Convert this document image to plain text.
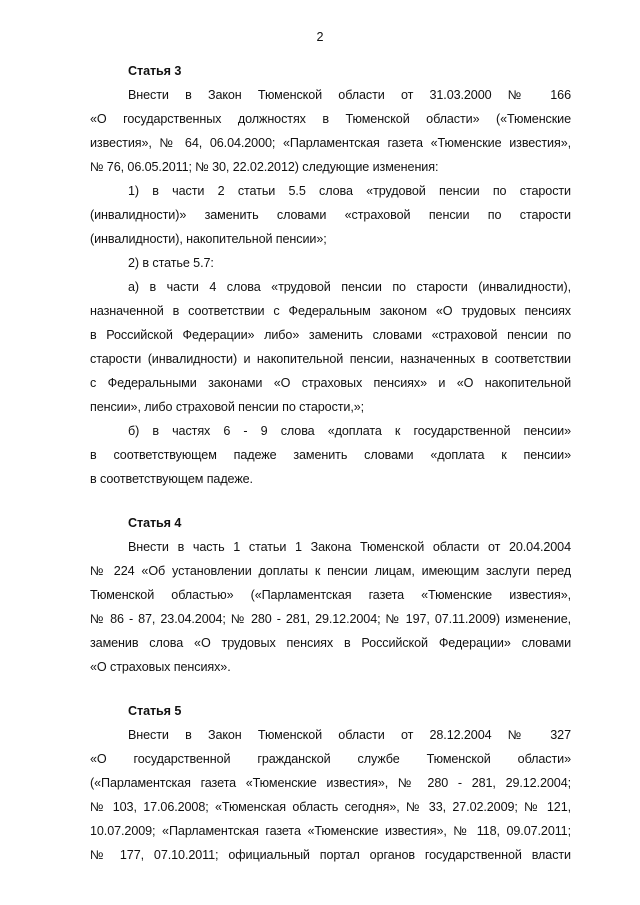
2
Статья 3
Внести в Закон Тюменской области от 31.03.2000 № 166
«О государственных должностях в Тюменской области» («Тюменские
известия», № 64, 06.04.2000; «Парламентская газета «Тюменские известия»,
№ 76, 06.05.2011; № 30, 22.02.2012) следующие изменения:
1) в части 2 статьи 5.5 слова «трудовой пенсии по старости
(инвалидности)» заменить словами «страховой пенсии по старости
(инвалидности), накопительной пенсии»;
2) в статье 5.7:
а) в части 4 слова «трудовой пенсии по старости (инвалидности),
назначенной в соответствии с Федеральным законом «О трудовых пенсиях
в Российской Федерации» либо» заменить словами «страховой пенсии по
старости (инвалидности) и накопительной пенсии, назначенных в соответствии
с Федеральными законами «О страховых пенсиях» и «О накопительной
пенсии», либо страховой пенсии по старости,»;
б) в частях 6 - 9 слова «доплата к государственной пенсии»
в соответствующем падеже заменить словами «доплата к пенсии»
в соответствующем падеже.
Статья 4
Внести в часть 1 статьи 1 Закона Тюменской области от 20.04.2004
№ 224 «Об установлении доплаты к пенсии лицам, имеющим заслуги перед
Тюменской областью» («Парламентская газета «Тюменские известия»,
№ 86 - 87, 23.04.2004; № 280 - 281, 29.12.2004; № 197, 07.11.2009) изменение,
заменив слова «О трудовых пенсиях в Российской Федерации» словами
«О страховых пенсиях».
Статья 5
Внести в Закон Тюменской области от 28.12.2004 № 327
«О государственной гражданской службе Тюменской области»
(«Парламентская газета «Тюменские известия», № 280 - 281, 29.12.2004;
№ 103, 17.06.2008; «Тюменская область сегодня», № 33, 27.02.2009; № 121,
10.07.2009; «Парламентская газета «Тюменские известия», № 118, 09.07.2011;
№ 177, 07.10.2011; официальный портал органов государственной власти
